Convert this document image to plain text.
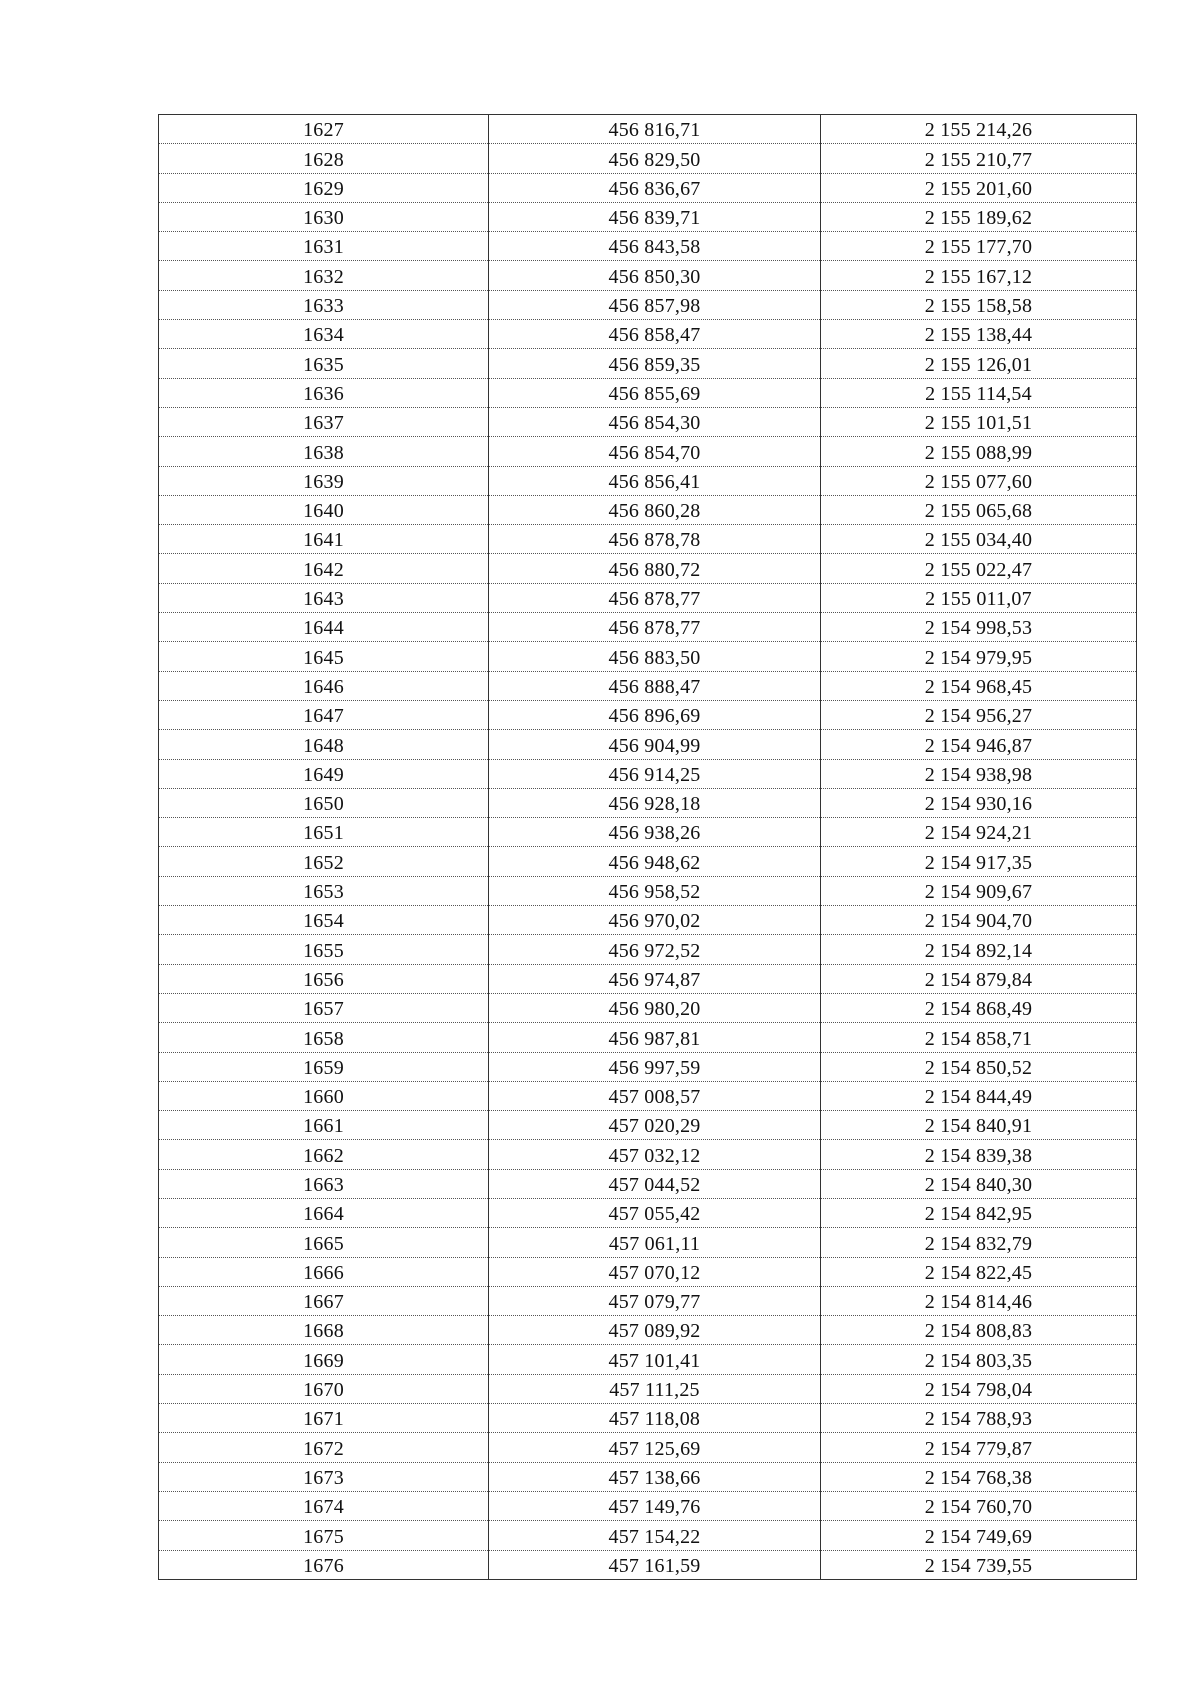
1627	456 816,71	2 155 214,26
1628	456 829,50	2 155 210,77
1629	456 836,67	2 155 201,60
1630	456 839,71	2 155 189,62
1631	456 843,58	2 155 177,70
1632	456 850,30	2 155 167,12
1633	456 857,98	2 155 158,58
1634	456 858,47	2 155 138,44
1635	456 859,35	2 155 126,01
1636	456 855,69	2 155 114,54
1637	456 854,30	2 155 101,51
1638	456 854,70	2 155 088,99
1639	456 856,41	2 155 077,60
1640	456 860,28	2 155 065,68
1641	456 878,78	2 155 034,40
1642	456 880,72	2 155 022,47
1643	456 878,77	2 155 011,07
1644	456 878,77	2 154 998,53
1645	456 883,50	2 154 979,95
1646	456 888,47	2 154 968,45
1647	456 896,69	2 154 956,27
1648	456 904,99	2 154 946,87
1649	456 914,25	2 154 938,98
1650	456 928,18	2 154 930,16
1651	456 938,26	2 154 924,21
1652	456 948,62	2 154 917,35
1653	456 958,52	2 154 909,67
1654	456 970,02	2 154 904,70
1655	456 972,52	2 154 892,14
1656	456 974,87	2 154 879,84
1657	456 980,20	2 154 868,49
1658	456 987,81	2 154 858,71
1659	456 997,59	2 154 850,52
1660	457 008,57	2 154 844,49
1661	457 020,29	2 154 840,91
1662	457 032,12	2 154 839,38
1663	457 044,52	2 154 840,30
1664	457 055,42	2 154 842,95
1665	457 061,11	2 154 832,79
1666	457 070,12	2 154 822,45
1667	457 079,77	2 154 814,46
1668	457 089,92	2 154 808,83
1669	457 101,41	2 154 803,35
1670	457 111,25	2 154 798,04
1671	457 118,08	2 154 788,93
1672	457 125,69	2 154 779,87
1673	457 138,66	2 154 768,38
1674	457 149,76	2 154 760,70
1675	457 154,22	2 154 749,69
1676	457 161,59	2 154 739,55
